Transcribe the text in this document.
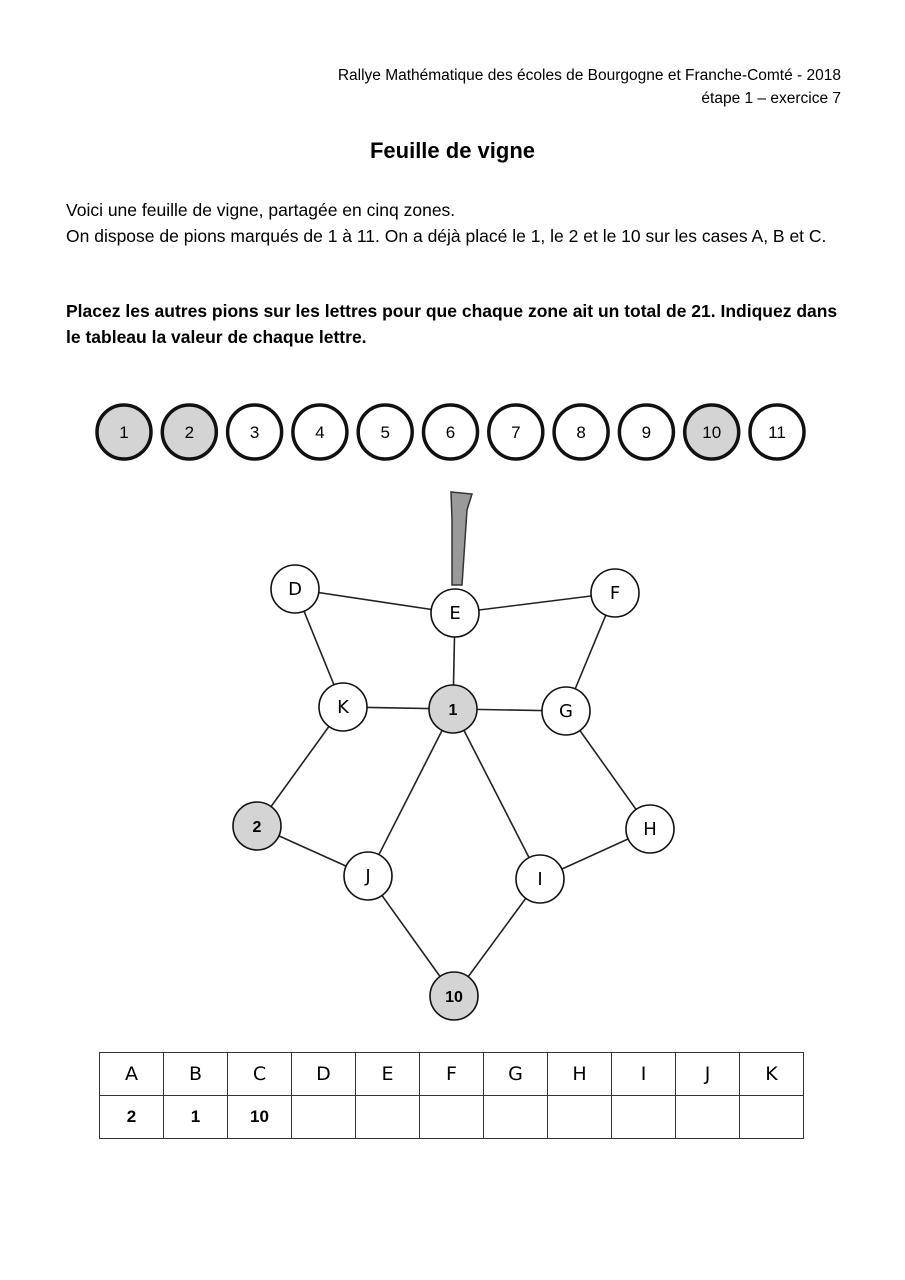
Rallye Mathématique des écoles de Bourgogne et Franche-Comté - 2018
étape 1 – exercice 7
Feuille de vigne

Voici une feuille de vigne, partagée en cinq zones.

On dispose de pions marqués de 1 à 11. On a déjà placé le 1, le 2 et le 10 sur les cases A, B et C.

Placez les autres pions sur les lettres pour que chaque zone ait un total de 21. Indiquez dans le tableau la valeur de chaque lettre.
1	2	3	4	5	6	7	8	9	10	11
D
E
F
K	1	G
2	H
J	I
10
A	B	C	D	E	F	G	H	I	J	K
2	1	10								
